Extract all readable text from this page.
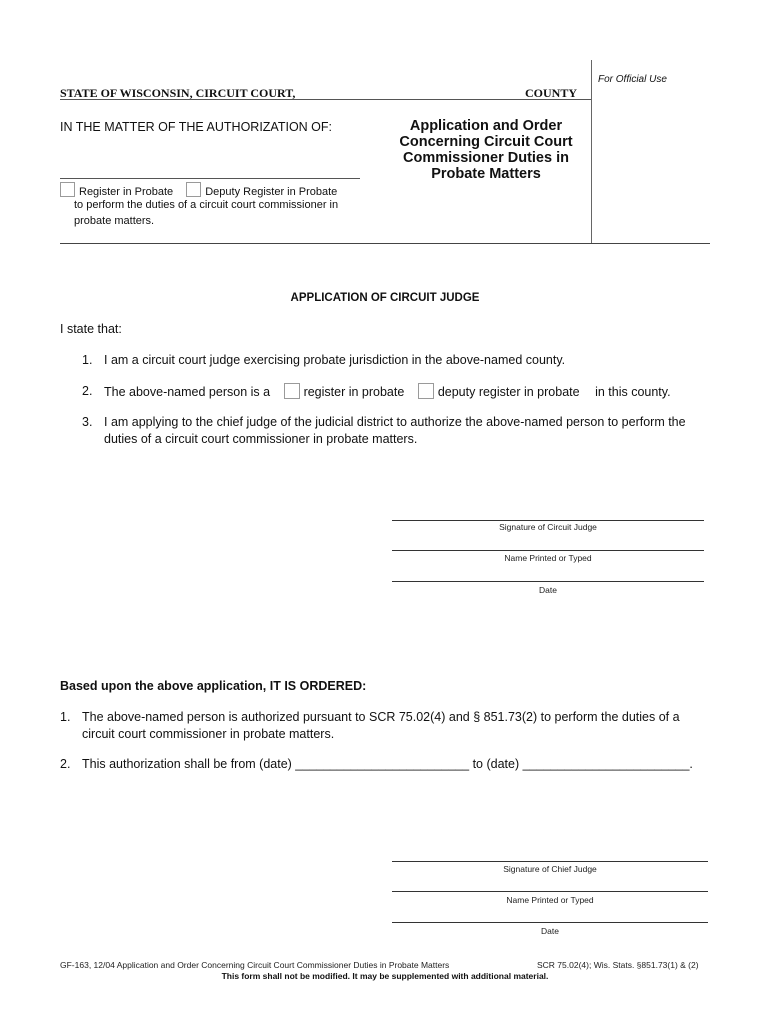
For Official Use
STATE OF WISCONSIN, CIRCUIT COURT,	COUNTY
IN THE MATTER OF THE AUTHORIZATION OF:	Application and Order Concerning Circuit Court Commissioner Duties in Probate Matters
Register in Probate	Deputy Register in Probate
to perform the duties of a circuit court commissioner in probate matters.
APPLICATION OF CIRCUIT JUDGE
I state that:
1. I am a circuit court judge exercising probate jurisdiction in the above-named county.
2. The above-named person is a	register in probate	deputy register in probate in this county.
3. I am applying to the chief judge of the judicial district to authorize the above-named person to perform the duties of a circuit court commissioner in probate matters.
Signature of Circuit Judge
Name Printed or Typed
Date
Based upon the above application, IT IS ORDERED:
1. The above-named person is authorized pursuant to SCR 75.02(4) and § 851.73(2) to perform the duties of a circuit court commissioner in probate matters.
2. This authorization shall be from (date) _________________________ to (date) ________________________.
Signature of Chief Judge
Name Printed or Typed
Date
GF-163, 12/04 Application and Order Concerning Circuit Court Commissioner Duties in Probate Matters	SCR 75.02(4); Wis. Stats. §851.73(1) & (2)
This form shall not be modified. It may be supplemented with additional material.
